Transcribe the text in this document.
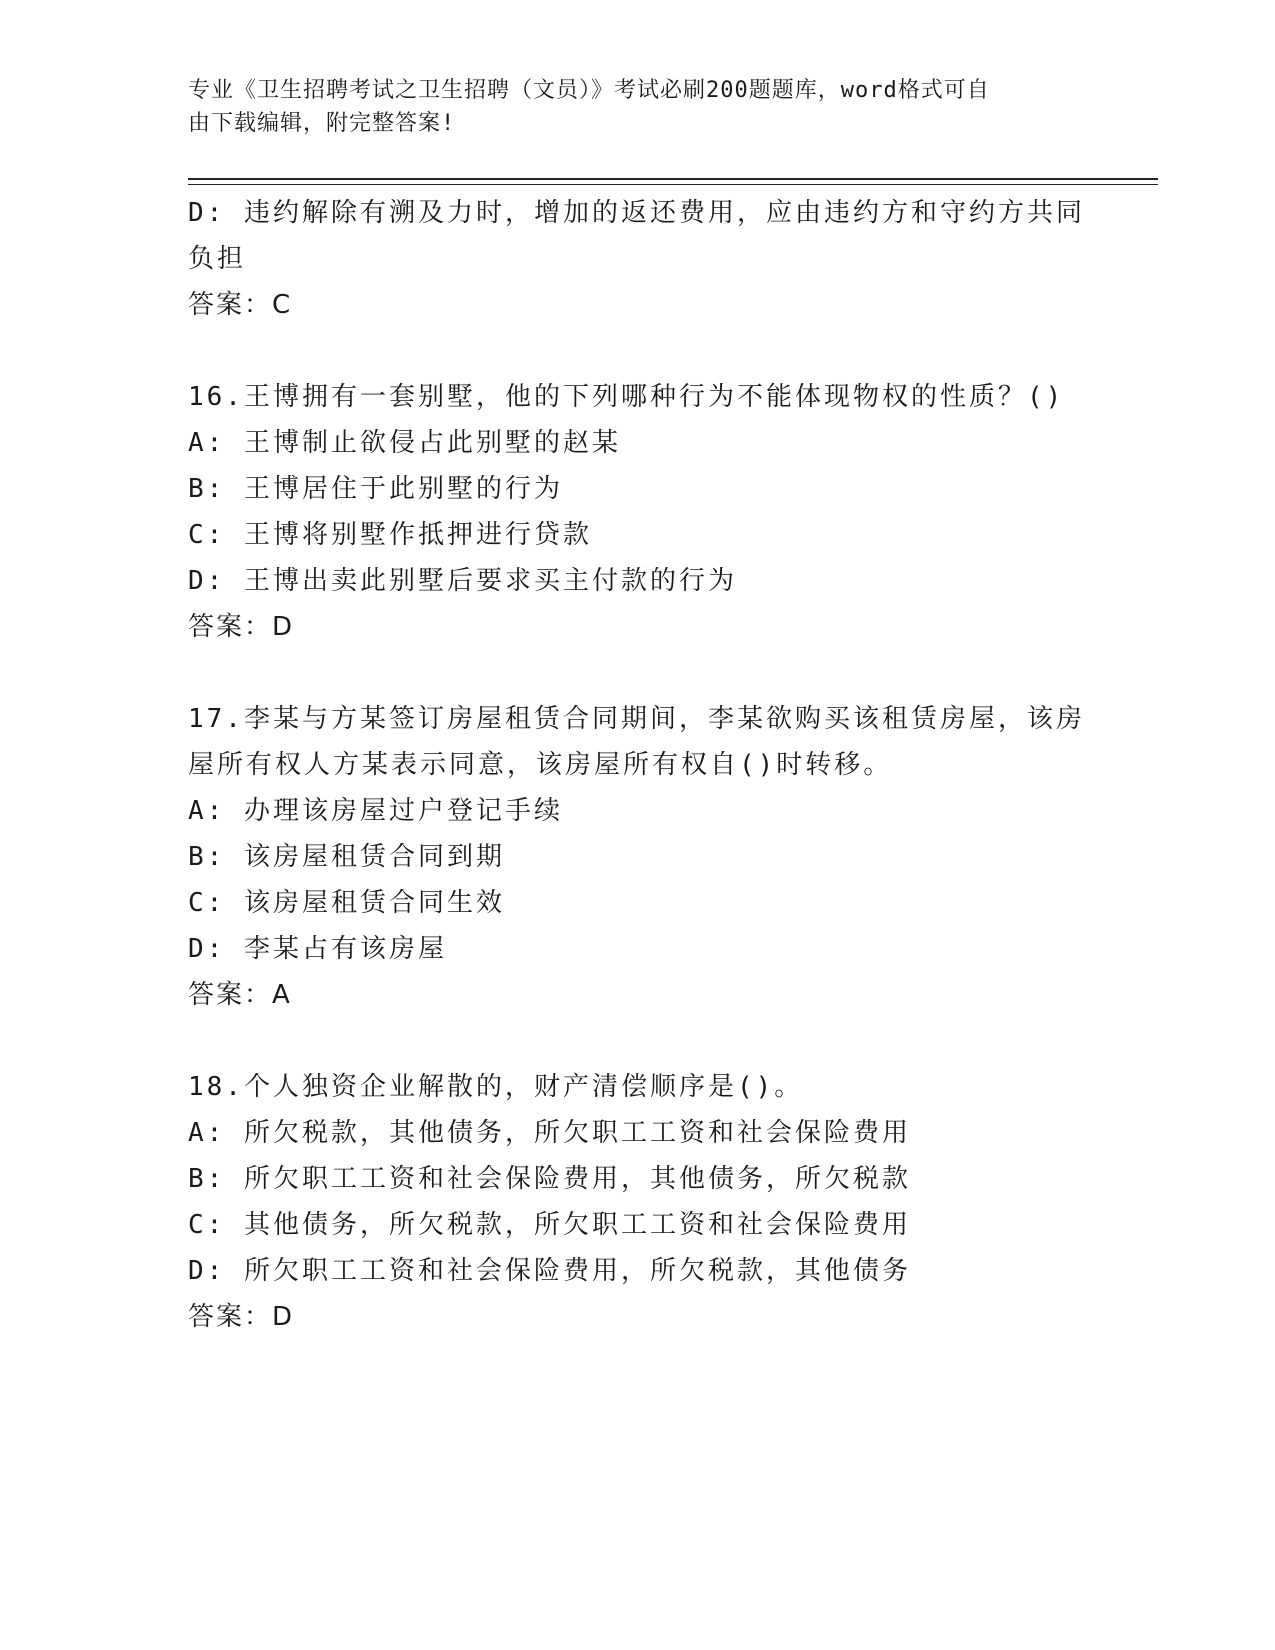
专业《卫生招聘考试之卫生招聘（文员）》考试必刷200题题库，word格式可自
由下载编辑，附完整答案!
D: 违约解除有溯及力时，增加的返还费用，应由违约方和守约方共同
负担
答案：C
16.王博拥有一套别墅，他的下列哪种行为不能体现物权的性质？()
A: 王博制止欲侵占此别墅的赵某
B: 王博居住于此别墅的行为
C: 王博将别墅作抵押进行贷款
D: 王博出卖此别墅后要求买主付款的行为
答案：D
17.李某与方某签订房屋租赁合同期间，李某欲购买该租赁房屋，该房
屋所有权人方某表示同意，该房屋所有权自()时转移。
A: 办理该房屋过户登记手续
B: 该房屋租赁合同到期
C: 该房屋租赁合同生效
D: 李某占有该房屋
答案：A
18.个人独资企业解散的，财产清偿顺序是()。
A: 所欠税款，其他债务，所欠职工工资和社会保险费用
B: 所欠职工工资和社会保险费用，其他债务，所欠税款
C: 其他债务，所欠税款，所欠职工工资和社会保险费用
D: 所欠职工工资和社会保险费用，所欠税款，其他债务
答案：D
